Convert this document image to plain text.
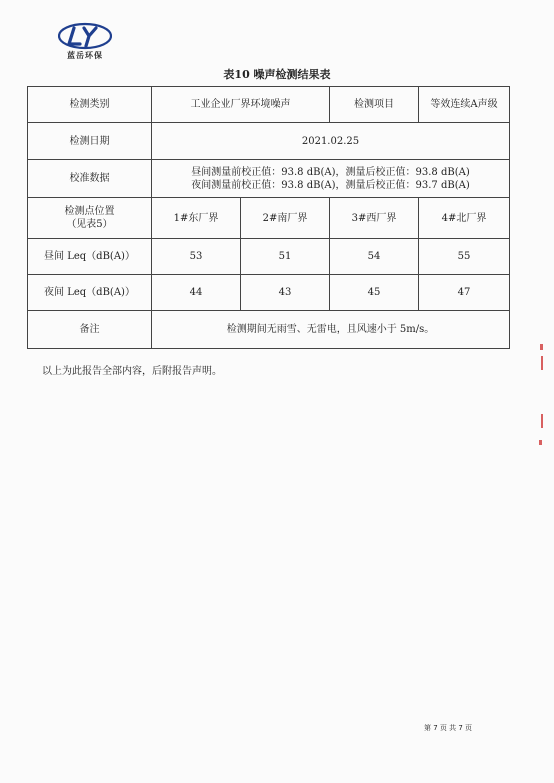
蓝岳环保
表10 噪声检测结果表
检测类别	工业企业厂界环境噪声		检测项目	等效连续A声级
检测日期	2021.02.25			
校准数据	昼间测量前校正值：93.8 dB(A)，测量后校正值：93.8 dB(A)
夜间测量前校正值：93.8 dB(A)，测量后校正值：93.7 dB(A)			

检测点位置
（见表5）	1#东厂界	2#南厂界	3#西厂界	4#北厂界
昼间 Leq（dB(A)）	53	51	54	55
夜间 Leq（dB(A)）	44	43	45	47
备注	检测期间无雨雪、无雷电，且风速小于 5m/s。			
以上为此报告全部内容，后附报告声明。
第 7 页 共 7 页
